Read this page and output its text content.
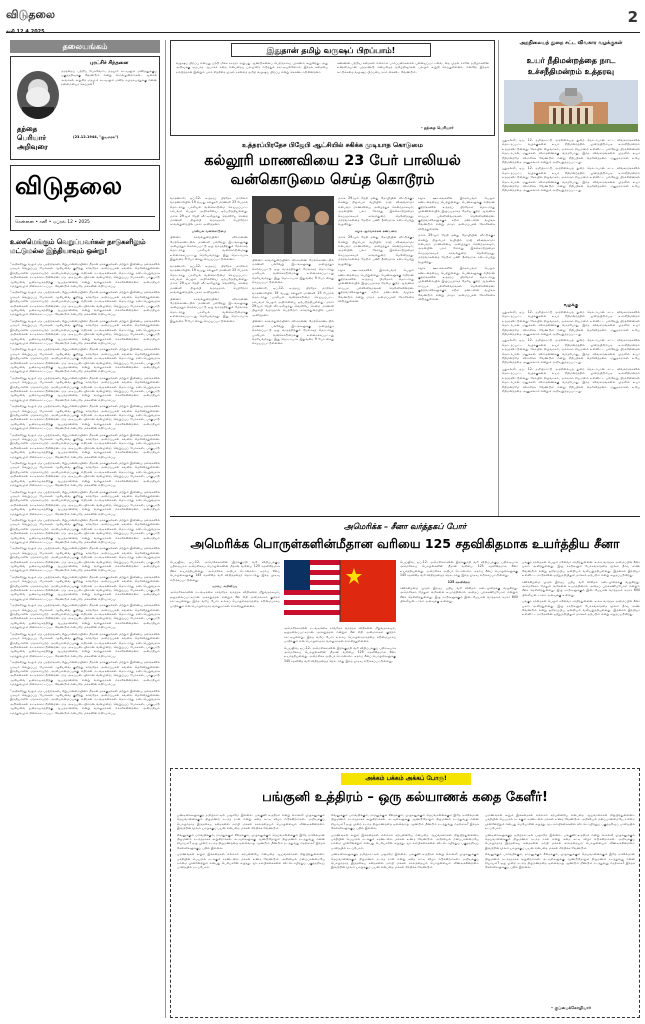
விடுதலை	2
தலையங்கம்
புரட்சிச் சிந்தனை
மதத்தைப் பற்றிப் பேசுவோர், மதமும் கடவுளும் மனிதனுக்குப் பகுத்தறிவுக்கு வேண்டும் என்று சொல்லுகிறார்கள். ஆனால் அவர்கள் கூறுகிற மதமும் கடவுளும் மனித சமுதாயத்துக்கு என்ன நன்மையைச் செய்தன?
(23.12.1944, "குடிஅரசு")
தந்தை பெரியார் அறிவுரை
விடுதலை
சென்னை • சனி • ஏப்ரல் 12 • 2025
உலகமெங்கும் வெறுப்பவர்கள் நாடுகளிலும் மட்டுமல்ல இந்தியாவும் ஒன்று!

"அதிகரித்து வரும் மத பதற்றங்கள், சிறுபான்மையினர் மீதான தாக்குதல்கள் மற்றும் இணைய தளங்களில் பரவும் வெறுப்புப் பேச்சுகள் ஆகியவை குறித்து சர்வதேச அமைப்புகள் கவலை தெரிவித்துள்ளன. இந்தியாவில் மதச்சார்பற்ற அரசியலமைப்புக்கு எதிரான நடவடிக்கைகள் தொடர்ந்து நடைபெறுவதாக அறிக்கைகள் சுட்டிக்காட்டுகின்றன. மத அடிப்படையிலான வன்முறை, வெறுப்புப் பேச்சுகள், பாகுபாடு ஆகியவை ஜனநாயகத்திற்கு ஆபத்தானவை என்று வல்லுநர்கள் எச்சரிக்கின்றனர். அமைதியும் சமத்துவமும் நிலைநாட்டப்பட வேண்டும் என்பதே மக்களின் எதிர்பார்ப்பு.

"அதிகரித்து வரும் மத பதற்றங்கள், சிறுபான்மையினர் மீதான தாக்குதல்கள் மற்றும் இணைய தளங்களில் பரவும் வெறுப்புப் பேச்சுகள் ஆகியவை குறித்து சர்வதேச அமைப்புகள் கவலை தெரிவித்துள்ளன. இந்தியாவில் மதச்சார்பற்ற அரசியலமைப்புக்கு எதிரான நடவடிக்கைகள் தொடர்ந்து நடைபெறுவதாக அறிக்கைகள் சுட்டிக்காட்டுகின்றன. மத அடிப்படையிலான வன்முறை, வெறுப்புப் பேச்சுகள், பாகுபாடு ஆகியவை ஜனநாயகத்திற்கு ஆபத்தானவை என்று வல்லுநர்கள் எச்சரிக்கின்றனர். அமைதியும் சமத்துவமும் நிலைநாட்டப்பட வேண்டும் என்பதே மக்களின் எதிர்பார்ப்பு.

"அதிகரித்து வரும் மத பதற்றங்கள், சிறுபான்மையினர் மீதான தாக்குதல்கள் மற்றும் இணைய தளங்களில் பரவும் வெறுப்புப் பேச்சுகள் ஆகியவை குறித்து சர்வதேச அமைப்புகள் கவலை தெரிவித்துள்ளன. இந்தியாவில் மதச்சார்பற்ற அரசியலமைப்புக்கு எதிரான நடவடிக்கைகள் தொடர்ந்து நடைபெறுவதாக அறிக்கைகள் சுட்டிக்காட்டுகின்றன. மத அடிப்படையிலான வன்முறை, வெறுப்புப் பேச்சுகள், பாகுபாடு ஆகியவை ஜனநாயகத்திற்கு ஆபத்தானவை என்று வல்லுநர்கள் எச்சரிக்கின்றனர். அமைதியும் சமத்துவமும் நிலைநாட்டப்பட வேண்டும் என்பதே மக்களின் எதிர்பார்ப்பு.

"அதிகரித்து வரும் மத பதற்றங்கள், சிறுபான்மையினர் மீதான தாக்குதல்கள் மற்றும் இணைய தளங்களில் பரவும் வெறுப்புப் பேச்சுகள் ஆகியவை குறித்து சர்வதேச அமைப்புகள் கவலை தெரிவித்துள்ளன. இந்தியாவில் மதச்சார்பற்ற அரசியலமைப்புக்கு எதிரான நடவடிக்கைகள் தொடர்ந்து நடைபெறுவதாக அறிக்கைகள் சுட்டிக்காட்டுகின்றன. மத அடிப்படையிலான வன்முறை, வெறுப்புப் பேச்சுகள், பாகுபாடு ஆகியவை ஜனநாயகத்திற்கு ஆபத்தானவை என்று வல்லுநர்கள் எச்சரிக்கின்றனர். அமைதியும் சமத்துவமும் நிலைநாட்டப்பட வேண்டும் என்பதே மக்களின் எதிர்பார்ப்பு.

"அதிகரித்து வரும் மத பதற்றங்கள், சிறுபான்மையினர் மீதான தாக்குதல்கள் மற்றும் இணைய தளங்களில் பரவும் வெறுப்புப் பேச்சுகள் ஆகியவை குறித்து சர்வதேச அமைப்புகள் கவலை தெரிவித்துள்ளன. இந்தியாவில் மதச்சார்பற்ற அரசியலமைப்புக்கு எதிரான நடவடிக்கைகள் தொடர்ந்து நடைபெறுவதாக அறிக்கைகள் சுட்டிக்காட்டுகின்றன. மத அடிப்படையிலான வன்முறை, வெறுப்புப் பேச்சுகள், பாகுபாடு ஆகியவை ஜனநாயகத்திற்கு ஆபத்தானவை என்று வல்லுநர்கள் எச்சரிக்கின்றனர். அமைதியும் சமத்துவமும் நிலைநாட்டப்பட வேண்டும் என்பதே மக்களின் எதிர்பார்ப்பு.

"அதிகரித்து வரும் மத பதற்றங்கள், சிறுபான்மையினர் மீதான தாக்குதல்கள் மற்றும் இணைய தளங்களில் பரவும் வெறுப்புப் பேச்சுகள் ஆகியவை குறித்து சர்வதேச அமைப்புகள் கவலை தெரிவித்துள்ளன. இந்தியாவில் மதச்சார்பற்ற அரசியலமைப்புக்கு எதிரான நடவடிக்கைகள் தொடர்ந்து நடைபெறுவதாக அறிக்கைகள் சுட்டிக்காட்டுகின்றன. மத அடிப்படையிலான வன்முறை, வெறுப்புப் பேச்சுகள், பாகுபாடு ஆகியவை ஜனநாயகத்திற்கு ஆபத்தானவை என்று வல்லுநர்கள் எச்சரிக்கின்றனர். அமைதியும் சமத்துவமும் நிலைநாட்டப்பட வேண்டும் என்பதே மக்களின் எதிர்பார்ப்பு.

"அதிகரித்து வரும் மத பதற்றங்கள், சிறுபான்மையினர் மீதான தாக்குதல்கள் மற்றும் இணைய தளங்களில் பரவும் வெறுப்புப் பேச்சுகள் ஆகியவை குறித்து சர்வதேச அமைப்புகள் கவலை தெரிவித்துள்ளன. இந்தியாவில் மதச்சார்பற்ற அரசியலமைப்புக்கு எதிரான நடவடிக்கைகள் தொடர்ந்து நடைபெறுவதாக அறிக்கைகள் சுட்டிக்காட்டுகின்றன. மத அடிப்படையிலான வன்முறை, வெறுப்புப் பேச்சுகள், பாகுபாடு ஆகியவை ஜனநாயகத்திற்கு ஆபத்தானவை என்று வல்லுநர்கள் எச்சரிக்கின்றனர். அமைதியும் சமத்துவமும் நிலைநாட்டப்பட வேண்டும் என்பதே மக்களின் எதிர்பார்ப்பு.

"அதிகரித்து வரும் மத பதற்றங்கள், சிறுபான்மையினர் மீதான தாக்குதல்கள் மற்றும் இணைய தளங்களில் பரவும் வெறுப்புப் பேச்சுகள் ஆகியவை குறித்து சர்வதேச அமைப்புகள் கவலை தெரிவித்துள்ளன. இந்தியாவில் மதச்சார்பற்ற அரசியலமைப்புக்கு எதிரான நடவடிக்கைகள் தொடர்ந்து நடைபெறுவதாக அறிக்கைகள் சுட்டிக்காட்டுகின்றன. மத அடிப்படையிலான வன்முறை, வெறுப்புப் பேச்சுகள், பாகுபாடு ஆகியவை ஜனநாயகத்திற்கு ஆபத்தானவை என்று வல்லுநர்கள் எச்சரிக்கின்றனர். அமைதியும் சமத்துவமும் நிலைநாட்டப்பட வேண்டும் என்பதே மக்களின் எதிர்பார்ப்பு.

"அதிகரித்து வரும் மத பதற்றங்கள், சிறுபான்மையினர் மீதான தாக்குதல்கள் மற்றும் இணைய தளங்களில் பரவும் வெறுப்புப் பேச்சுகள் ஆகியவை குறித்து சர்வதேச அமைப்புகள் கவலை தெரிவித்துள்ளன. இந்தியாவில் மதச்சார்பற்ற அரசியலமைப்புக்கு எதிரான நடவடிக்கைகள் தொடர்ந்து நடைபெறுவதாக அறிக்கைகள் சுட்டிக்காட்டுகின்றன. மத அடிப்படையிலான வன்முறை, வெறுப்புப் பேச்சுகள், பாகுபாடு ஆகியவை ஜனநாயகத்திற்கு ஆபத்தானவை என்று வல்லுநர்கள் எச்சரிக்கின்றனர். அமைதியும் சமத்துவமும் நிலைநாட்டப்பட வேண்டும் என்பதே மக்களின் எதிர்பார்ப்பு.

"அதிகரித்து வரும் மத பதற்றங்கள், சிறுபான்மையினர் மீதான தாக்குதல்கள் மற்றும் இணைய தளங்களில் பரவும் வெறுப்புப் பேச்சுகள் ஆகியவை குறித்து சர்வதேச அமைப்புகள் கவலை தெரிவித்துள்ளன. இந்தியாவில் மதச்சார்பற்ற அரசியலமைப்புக்கு எதிரான நடவடிக்கைகள் தொடர்ந்து நடைபெறுவதாக அறிக்கைகள் சுட்டிக்காட்டுகின்றன. மத அடிப்படையிலான வன்முறை, வெறுப்புப் பேச்சுகள், பாகுபாடு ஆகியவை ஜனநாயகத்திற்கு ஆபத்தானவை என்று வல்லுநர்கள் எச்சரிக்கின்றனர். அமைதியும் சமத்துவமும் நிலைநாட்டப்பட வேண்டும் என்பதே மக்களின் எதிர்பார்ப்பு.

"அதிகரித்து வரும் மத பதற்றங்கள், சிறுபான்மையினர் மீதான தாக்குதல்கள் மற்றும் இணைய தளங்களில் பரவும் வெறுப்புப் பேச்சுகள் ஆகியவை குறித்து சர்வதேச அமைப்புகள் கவலை தெரிவித்துள்ளன. இந்தியாவில் மதச்சார்பற்ற அரசியலமைப்புக்கு எதிரான நடவடிக்கைகள் தொடர்ந்து நடைபெறுவதாக அறிக்கைகள் சுட்டிக்காட்டுகின்றன. மத அடிப்படையிலான வன்முறை, வெறுப்புப் பேச்சுகள், பாகுபாடு ஆகியவை ஜனநாயகத்திற்கு ஆபத்தானவை என்று வல்லுநர்கள் எச்சரிக்கின்றனர். அமைதியும் சமத்துவமும் நிலைநாட்டப்பட வேண்டும் என்பதே மக்களின் எதிர்பார்ப்பு.

"அதிகரித்து வரும் மத பதற்றங்கள், சிறுபான்மையினர் மீதான தாக்குதல்கள் மற்றும் இணைய தளங்களில் பரவும் வெறுப்புப் பேச்சுகள் ஆகியவை குறித்து சர்வதேச அமைப்புகள் கவலை தெரிவித்துள்ளன. இந்தியாவில் மதச்சார்பற்ற அரசியலமைப்புக்கு எதிரான நடவடிக்கைகள் தொடர்ந்து நடைபெறுவதாக அறிக்கைகள் சுட்டிக்காட்டுகின்றன. மத அடிப்படையிலான வன்முறை, வெறுப்புப் பேச்சுகள், பாகுபாடு ஆகியவை ஜனநாயகத்திற்கு ஆபத்தானவை என்று வல்லுநர்கள் எச்சரிக்கின்றனர். அமைதியும் சமத்துவமும் நிலைநாட்டப்பட வேண்டும் என்பதே மக்களின் எதிர்பார்ப்பு.

"அதிகரித்து வரும் மத பதற்றங்கள், சிறுபான்மையினர் மீதான தாக்குதல்கள் மற்றும் இணைய தளங்களில் பரவும் வெறுப்புப் பேச்சுகள் ஆகியவை குறித்து சர்வதேச அமைப்புகள் கவலை தெரிவித்துள்ளன. இந்தியாவில் மதச்சார்பற்ற அரசியலமைப்புக்கு எதிரான நடவடிக்கைகள் தொடர்ந்து நடைபெறுவதாக அறிக்கைகள் சுட்டிக்காட்டுகின்றன. மத அடிப்படையிலான வன்முறை, வெறுப்புப் பேச்சுகள், பாகுபாடு ஆகியவை ஜனநாயகத்திற்கு ஆபத்தானவை என்று வல்லுநர்கள் எச்சரிக்கின்றனர். அமைதியும் சமத்துவமும் நிலைநாட்டப்பட வேண்டும் என்பதே மக்களின் எதிர்பார்ப்பு.

"அதிகரித்து வரும் மத பதற்றங்கள், சிறுபான்மையினர் மீதான தாக்குதல்கள் மற்றும் இணைய தளங்களில் பரவும் வெறுப்புப் பேச்சுகள் ஆகியவை குறித்து சர்வதேச அமைப்புகள் கவலை தெரிவித்துள்ளன. இந்தியாவில் மதச்சார்பற்ற அரசியலமைப்புக்கு எதிரான நடவடிக்கைகள் தொடர்ந்து நடைபெறுவதாக அறிக்கைகள் சுட்டிக்காட்டுகின்றன. மத அடிப்படையிலான வன்முறை, வெறுப்புப் பேச்சுகள், பாகுபாடு ஆகியவை ஜனநாயகத்திற்கு ஆபத்தானவை என்று வல்லுநர்கள் எச்சரிக்கின்றனர். அமைதியும் சமத்துவமும் நிலைநாட்டப்பட வேண்டும் என்பதே மக்களின் எதிர்பார்ப்பு.

"அதிகரித்து வரும் மத பதற்றங்கள், சிறுபான்மையினர் மீதான தாக்குதல்கள் மற்றும் இணைய தளங்களில் பரவும் வெறுப்புப் பேச்சுகள் ஆகியவை குறித்து சர்வதேச அமைப்புகள் கவலை தெரிவித்துள்ளன. இந்தியாவில் மதச்சார்பற்ற அரசியலமைப்புக்கு எதிரான நடவடிக்கைகள் தொடர்ந்து நடைபெறுவதாக அறிக்கைகள் சுட்டிக்காட்டுகின்றன. மத அடிப்படையிலான வன்முறை, வெறுப்புப் பேச்சுகள், பாகுபாடு ஆகியவை ஜனநாயகத்திற்கு ஆபத்தானவை என்று வல்லுநர்கள் எச்சரிக்கின்றனர். அமைதியும் சமத்துவமும் நிலைநாட்டப்பட வேண்டும் என்பதே மக்களின் எதிர்பார்ப்பு.

"அதிகரித்து வரும் மத பதற்றங்கள், சிறுபான்மையினர் மீதான தாக்குதல்கள் மற்றும் இணைய தளங்களில் பரவும் வெறுப்புப் பேச்சுகள் ஆகியவை குறித்து சர்வதேச அமைப்புகள் கவலை தெரிவித்துள்ளன. இந்தியாவில் மதச்சார்பற்ற அரசியலமைப்புக்கு எதிரான நடவடிக்கைகள் தொடர்ந்து நடைபெறுவதாக அறிக்கைகள் சுட்டிக்காட்டுகின்றன. மத அடிப்படையிலான வன்முறை, வெறுப்புப் பேச்சுகள், பாகுபாடு ஆகியவை ஜனநாயகத்திற்கு ஆபத்தானவை என்று வல்லுநர்கள் எச்சரிக்கின்றனர். அமைதியும் சமத்துவமும் நிலைநாட்டப்பட வேண்டும் என்பதே மக்களின் எதிர்பார்ப்பு.

இதுதான் தமிழ் வருஷப் பிறப்பாம்!
வருஷப் பிறப்பு என்பது பற்றி மிக்க நாரதர் அறுபது ஆண்டுகளைப் பெற்றதாகப் புராணம் கூறுகிறது. அது அறிவுக்கு ஒப்பாத ஆபாசக் கதை என்பதைப் பலமுறை எடுத்துக் காட்டியுள்ளோம். இந்தக் கதையை நம்பித்தான் இன்றும் பலர் சித்திரை முதல் நாளைத் தமிழ் வருஷப் பிறப்பு என்று கொண்டாடுகின்றனர்.
கண்ணன் பற்றிய கதைகள் எல்லாம் பார்ப்பனர்களால் புனையப்பட்டவை. தை முதல் நாளே தமிழர்களின் உண்மையான புத்தாண்டு என்பதைத் தமிழறிஞர்கள் பலரும் உறுதி செய்துள்ளனர். எனவே இந்தக் கட்டுக்கதை வருஷப் பிறப்பை நாம் கைவிட வேண்டும்.
- தந்தை பெரியார்
அறநிலையத் துறை சட்ட விவகார வழக்குகள்
உயர் நீதிமன்றத்தை நாட உச்சநீதிமன்றம் உத்தரவு

புதுடில்லி, ஏப். 12- தமிழ்நாட்டு அறநிலையத் துறை தொடர்பான சட்ட விவகாரங்களில் தொடரப்பட்ட வழக்குகளை உயர் நீதிமன்றத்தில் முறையிடும்படி உச்சநீதிமன்றம் உத்தரவிட்டுள்ளது. கோயில் நிருவாகம், அர்ச்சகர் நியமனம் உள்ளிட்ட பல்வேறு பிரச்சினைகள் தொடர்பான மனுக்கள் விசாரணைக்கு வந்தபோது, இந்த விவகாரங்களை முதலில் உயர் நீதிமன்றமே விசாரிக்க வேண்டும் என்று நீதிபதிகள் தெரிவித்தனர். மனுதாரர்கள் உரிய நீதிமன்றத்தை அணுகலாம் என்றும் அறிவுறுத்தப்பட்டது.

புதுடில்லி, ஏப். 12- தமிழ்நாட்டு அறநிலையத் துறை தொடர்பான சட்ட விவகாரங்களில் தொடரப்பட்ட வழக்குகளை உயர் நீதிமன்றத்தில் முறையிடும்படி உச்சநீதிமன்றம் உத்தரவிட்டுள்ளது. கோயில் நிருவாகம், அர்ச்சகர் நியமனம் உள்ளிட்ட பல்வேறு பிரச்சினைகள் தொடர்பான மனுக்கள் விசாரணைக்கு வந்தபோது, இந்த விவகாரங்களை முதலில் உயர் நீதிமன்றமே விசாரிக்க வேண்டும் என்று நீதிபதிகள் தெரிவித்தனர். மனுதாரர்கள் உரிய நீதிமன்றத்தை அணுகலாம் என்றும் அறிவுறுத்தப்பட்டது.

வழக்கு

புதுடில்லி, ஏப். 12- தமிழ்நாட்டு அறநிலையத் துறை தொடர்பான சட்ட விவகாரங்களில் தொடரப்பட்ட வழக்குகளை உயர் நீதிமன்றத்தில் முறையிடும்படி உச்சநீதிமன்றம் உத்தரவிட்டுள்ளது. கோயில் நிருவாகம், அர்ச்சகர் நியமனம் உள்ளிட்ட பல்வேறு பிரச்சினைகள் தொடர்பான மனுக்கள் விசாரணைக்கு வந்தபோது, இந்த விவகாரங்களை முதலில் உயர் நீதிமன்றமே விசாரிக்க வேண்டும் என்று நீதிபதிகள் தெரிவித்தனர். மனுதாரர்கள் உரிய நீதிமன்றத்தை அணுகலாம் என்றும் அறிவுறுத்தப்பட்டது.

புதுடில்லி, ஏப். 12- தமிழ்நாட்டு அறநிலையத் துறை தொடர்பான சட்ட விவகாரங்களில் தொடரப்பட்ட வழக்குகளை உயர் நீதிமன்றத்தில் முறையிடும்படி உச்சநீதிமன்றம் உத்தரவிட்டுள்ளது. கோயில் நிருவாகம், அர்ச்சகர் நியமனம் உள்ளிட்ட பல்வேறு பிரச்சினைகள் தொடர்பான மனுக்கள் விசாரணைக்கு வந்தபோது, இந்த விவகாரங்களை முதலில் உயர் நீதிமன்றமே விசாரிக்க வேண்டும் என்று நீதிபதிகள் தெரிவித்தனர். மனுதாரர்கள் உரிய நீதிமன்றத்தை அணுகலாம் என்றும் அறிவுறுத்தப்பட்டது.

புதுடில்லி, ஏப். 12- தமிழ்நாட்டு அறநிலையத் துறை தொடர்பான சட்ட விவகாரங்களில் தொடரப்பட்ட வழக்குகளை உயர் நீதிமன்றத்தில் முறையிடும்படி உச்சநீதிமன்றம் உத்தரவிட்டுள்ளது. கோயில் நிருவாகம், அர்ச்சகர் நியமனம் உள்ளிட்ட பல்வேறு பிரச்சினைகள் தொடர்பான மனுக்கள் விசாரணைக்கு வந்தபோது, இந்த விவகாரங்களை முதலில் உயர் நீதிமன்றமே விசாரிக்க வேண்டும் என்று நீதிபதிகள் தெரிவித்தனர். மனுதாரர்கள் உரிய நீதிமன்றத்தை அணுகலாம் என்றும் அறிவுறுத்தப்பட்டது.

உத்தரப்பிரதேச பிஜேபி ஆட்சியில் சகிக்க முடியாத கொடுமை
கல்லூரி மாணவியை 23 பேர் பாலியல்
வன்கொடுமை செய்த கொடூரம்

வாரணாசி, ஏப்.12- உத்தரப் பிரதேச மாநிலம் வாரணாசியில் 19 வயது கல்லூரி மாணவி 23 பேரால் தொடர்ந்து பாலியல் வன்கொடுமை செய்யப்பட்ட சம்பவம் பெரும் அதிர்ச்சியை ஏற்படுத்தியுள்ளது. மார்ச் 29ஆம் தேதி வீட்டிலிருந்து வெளியே சென்ற மாணவி திரும்பி வராததால் பெற்றோர் காவல்துறையில் புகார் அளித்தனர்.

பாலியல் வன்கொடுமை

பின்னர் காவல்துறையினர் விசாரணை மேற்கொண்டதில் மாணவி பல்வேறு இடங்களுக்கு அழைத்துச் செல்லப்பட்டு ஒரு வாரத்திற்கும் மேலாகத் தொடர்ந்து பாலியல் வன்கொடுமைக்கு உள்ளாக்கப்பட்டது தெரியவந்தது. இது தொடர்பாக இதுவரை 9 பேர் கைது செய்யப்பட்டுள்ளனர்.

வாரணாசி, ஏப்.12- உத்தரப் பிரதேச மாநிலம் வாரணாசியில் 19 வயது கல்லூரி மாணவி 23 பேரால் தொடர்ந்து பாலியல் வன்கொடுமை செய்யப்பட்ட சம்பவம் பெரும் அதிர்ச்சியை ஏற்படுத்தியுள்ளது. மார்ச் 29ஆம் தேதி வீட்டிலிருந்து வெளியே சென்ற மாணவி திரும்பி வராததால் பெற்றோர் காவல்துறையில் புகார் அளித்தனர்.

பின்னர் காவல்துறையினர் விசாரணை மேற்கொண்டதில் மாணவி பல்வேறு இடங்களுக்கு அழைத்துச் செல்லப்பட்டு ஒரு வாரத்திற்கும் மேலாகத் தொடர்ந்து பாலியல் வன்கொடுமைக்கு உள்ளாக்கப்பட்டது தெரியவந்தது. இது தொடர்பாக இதுவரை 9 பேர் கைது செய்யப்பட்டுள்ளனர்.

பின்னர் காவல்துறையினர் விசாரணை மேற்கொண்டதில் மாணவி பல்வேறு இடங்களுக்கு அழைத்துச் செல்லப்பட்டு ஒரு வாரத்திற்கும் மேலாகத் தொடர்ந்து பாலியல் வன்கொடுமைக்கு உள்ளாக்கப்பட்டது தெரியவந்தது. இது தொடர்பாக இதுவரை 9 பேர் கைது செய்யப்பட்டுள்ளனர்.

வாரணாசி, ஏப்.12- உத்தரப் பிரதேச மாநிலம் வாரணாசியில் 19 வயது கல்லூரி மாணவி 23 பேரால் தொடர்ந்து பாலியல் வன்கொடுமை செய்யப்பட்ட சம்பவம் பெரும் அதிர்ச்சியை ஏற்படுத்தியுள்ளது. மார்ச் 29ஆம் தேதி வீட்டிலிருந்து வெளியே சென்ற மாணவி திரும்பி வராததால் பெற்றோர் காவல்துறையில் புகார் அளித்தனர்.

பின்னர் காவல்துறையினர் விசாரணை மேற்கொண்டதில் மாணவி பல்வேறு இடங்களுக்கு அழைத்துச் செல்லப்பட்டு ஒரு வாரத்திற்கும் மேலாகத் தொடர்ந்து பாலியல் வன்கொடுமைக்கு உள்ளாக்கப்பட்டது தெரியவந்தது. இது தொடர்பாக இதுவரை 9 பேர் கைது செய்யப்பட்டுள்ளனர்.

மார்ச் 29ஆம் தேதி தனது தோழியின் வீட்டுக்குச் சென்று திரும்பும் வழியில் ராஜ் விஷ்வகர்மா என்பவர் மாணவியை அழைத்துச் சென்றதாகவும், அதன்பின் பலர் சேர்ந்து இக்கொடூரத்தைச் செய்ததாகவும் காவல்துறை தெரிவித்தது. மற்றவர்களைத் தேடும் பணி தீவிரமாக நடைபெற்று வருகிறது.

சமூக ஆர்வலர்கள் கண்டனம்

மார்ச் 29ஆம் தேதி தனது தோழியின் வீட்டுக்குச் சென்று திரும்பும் வழியில் ராஜ் விஷ்வகர்மா என்பவர் மாணவியை அழைத்துச் சென்றதாகவும், அதன்பின் பலர் சேர்ந்து இக்கொடூரத்தைச் செய்ததாகவும் காவல்துறை தெரிவித்தது. மற்றவர்களைத் தேடும் பணி தீவிரமாக நடைபெற்று வருகிறது.

சமூக ஊடகங்களில் இச்சம்பவம் பெரும் கண்டனத்தைப் பெற்றுள்ளது. பெண்களுக்கு எதிரான குற்றங்களில் உத்தரப் பிரதேசம் தொடர்ந்து முன்னிலையில் இருப்பதாகத் தேசிய குற்ற ஆவணக் காப்பக புள்ளிவிவரங்கள் தெரிவிக்கின்றன. குற்றவாளிகளுக்குக் கடும் தண்டனை வழங்க வேண்டும் என்று மாதர் அமைப்புகள் கோரிக்கை விடுத்துள்ளன.

சமூக ஊடகங்களில் இச்சம்பவம் பெரும் கண்டனத்தைப் பெற்றுள்ளது. பெண்களுக்கு எதிரான குற்றங்களில் உத்தரப் பிரதேசம் தொடர்ந்து முன்னிலையில் இருப்பதாகத் தேசிய குற்ற ஆவணக் காப்பக புள்ளிவிவரங்கள் தெரிவிக்கின்றன. குற்றவாளிகளுக்குக் கடும் தண்டனை வழங்க வேண்டும் என்று மாதர் அமைப்புகள் கோரிக்கை விடுத்துள்ளன.

மார்ச் 29ஆம் தேதி தனது தோழியின் வீட்டுக்குச் சென்று திரும்பும் வழியில் ராஜ் விஷ்வகர்மா என்பவர் மாணவியை அழைத்துச் சென்றதாகவும், அதன்பின் பலர் சேர்ந்து இக்கொடூரத்தைச் செய்ததாகவும் காவல்துறை தெரிவித்தது. மற்றவர்களைத் தேடும் பணி தீவிரமாக நடைபெற்று வருகிறது.

சமூக ஊடகங்களில் இச்சம்பவம் பெரும் கண்டனத்தைப் பெற்றுள்ளது. பெண்களுக்கு எதிரான குற்றங்களில் உத்தரப் பிரதேசம் தொடர்ந்து முன்னிலையில் இருப்பதாகத் தேசிய குற்ற ஆவணக் காப்பக புள்ளிவிவரங்கள் தெரிவிக்கின்றன. குற்றவாளிகளுக்குக் கடும் தண்டனை வழங்க வேண்டும் என்று மாதர் அமைப்புகள் கோரிக்கை விடுத்துள்ளன.

அமெரிக்க – சீனா வர்த்தகப் போர்
அமெரிக்க பொருள்களின்மீதான வரியை 125 சதவிகிதமாக உயர்த்திய சீனா

பெய்ஜிங், ஏப்.12- அமெரிக்காவின் இறக்குமதி வரி விதிப்புக்குப் பதிலடியாக அமெரிக்கப் பொருள்களின் மீதான வரியை 125 சதவிகிதமாக சீனா உயர்த்தியுள்ளது. அமெரிக்க அதிபர் டொனால்ட் டிரம்ப் சீனப் பொருள்களுக்கு 145 சதவிகித வரி விதித்ததைத் தொடர்ந்து இந்த முடிவு எடுக்கப்பட்டுள்ளது.

டிரம்ப் அறிவிப்பு

அமெரிக்காவின் நடவடிக்கை சர்வதேச வர்த்தக விதிகளை மீறுவதாகவும், ஒருதலைப்பட்சமான அச்சுறுத்தல் என்றும் சீன நிதி அமைச்சகம் குற்றம் சாட்டியுள்ளது. இந்த வரிப் போர் உலகப் பொருளாதாரத்தை கடுமையாகப் பாதிக்கும் என பொருளாதார வல்லுநர்கள் எச்சரித்துள்ளனர்.

அமெரிக்காவின் நடவடிக்கை சர்வதேச வர்த்தக விதிகளை மீறுவதாகவும், ஒருதலைப்பட்சமான அச்சுறுத்தல் என்றும் சீன நிதி அமைச்சகம் குற்றம் சாட்டியுள்ளது. இந்த வரிப் போர் உலகப் பொருளாதாரத்தை கடுமையாகப் பாதிக்கும் என பொருளாதார வல்லுநர்கள் எச்சரித்துள்ளனர்.

பெய்ஜிங், ஏப்.12- அமெரிக்காவின் இறக்குமதி வரி விதிப்புக்குப் பதிலடியாக அமெரிக்கப் பொருள்களின் மீதான வரியை 125 சதவிகிதமாக சீனா உயர்த்தியுள்ளது. அமெரிக்க அதிபர் டொனால்ட் டிரம்ப் சீனப் பொருள்களுக்கு 145 சதவிகித வரி விதித்ததைத் தொடர்ந்து இந்த முடிவு எடுக்கப்பட்டுள்ளது.

பெய்ஜிங், ஏப்.12- அமெரிக்காவின் இறக்குமதி வரி விதிப்புக்குப் பதிலடியாக அமெரிக்கப் பொருள்களின் மீதான வரியை 125 சதவிகிதமாக சீனா உயர்த்தியுள்ளது. அமெரிக்க அதிபர் டொனால்ட் டிரம்ப் சீனப் பொருள்களுக்கு 145 சதவிகித வரி விதித்ததைத் தொடர்ந்து இந்த முடிவு எடுக்கப்பட்டுள்ளது.

125 சதவிகிதம்

சனிக்கிழமை முதல் இந்தப் புதிய வரி விகிதம் நடைமுறைக்கு வருகிறது. அமெரிக்கா மேலும் வரிகளை உயர்த்தினால் அதைப் புறக்கணிப்போம் என்றும் சீனா தெரிவித்துள்ளது. இரு நாடுகளுக்கும் இடையேயான வர்த்தகம் சுமார் 600 பில்லியன் டாலர் அளவுக்கு உள்ளது.

பங்குச் சந்தைகள் பெரும் சரிவைச் சந்தித்துள்ளன. உலக வர்த்தக அமைப்பில் சீனா புகார் அளித்துள்ளது. இரு நாடுகளும் பேச்சுவார்த்தை மூலம் தீர்வு காண வேண்டும் என்று ஐரோப்பிய ஒன்றியம் வலியுறுத்தியுள்ளது. இதனால் இந்தியா உள்ளிட்ட நாடுகளின் ஏற்றுமதியிலும் தாக்கம் ஏற்படும் என்று கருதப்படுகிறது.

சனிக்கிழமை முதல் இந்தப் புதிய வரி விகிதம் நடைமுறைக்கு வருகிறது. அமெரிக்கா மேலும் வரிகளை உயர்த்தினால் அதைப் புறக்கணிப்போம் என்றும் சீனா தெரிவித்துள்ளது. இரு நாடுகளுக்கும் இடையேயான வர்த்தகம் சுமார் 600 பில்லியன் டாலர் அளவுக்கு உள்ளது.

பங்குச் சந்தைகள் பெரும் சரிவைச் சந்தித்துள்ளன. உலக வர்த்தக அமைப்பில் சீனா புகார் அளித்துள்ளது. இரு நாடுகளும் பேச்சுவார்த்தை மூலம் தீர்வு காண வேண்டும் என்று ஐரோப்பிய ஒன்றியம் வலியுறுத்தியுள்ளது. இதனால் இந்தியா உள்ளிட்ட நாடுகளின் ஏற்றுமதியிலும் தாக்கம் ஏற்படும் என்று கருதப்படுகிறது.

அக்கம் பக்கம் அக்கப் போரு!
பங்குனி உத்திரம் – ஒரு கல்யாணக் கதை கேளீர்!

பண்டிகைகளுக்குத் தமிழ்நாட்டில் பஞ்சமே இல்லை. பங்குனி உத்திரம் என்று சொல்லி முருகனுக்கும் தெய்வானைக்கும் திருமணம் நடந்த நாள் என்று கதை கட்டி விழா எடுக்கிறார்கள். அறிவுக்குப் பொருந்தாத இத்தகைய கதைகளை நம்பி மக்கள் காலத்தையும் பொருளையும் வீணடிக்கின்றனர். இவற்றின் மூலம் யாருக்குப் பயன் என்பதை மக்கள் சிந்திக்க வேண்டும்.

சிவனுக்கும் பார்வதிக்கும், ராமனுக்கும் சீதைக்கும், முருகனுக்கும் தெய்வானைக்கும் இதே நாளில்தான் திருமணம் நடந்ததாகக் கூறுகிறார்கள். கடவுள்களுக்கு ஆண்டுதோறும் திருமணம் நடத்துவது என்ன நியாயம்? ஒரு முறை நடந்த திருமணத்தை ஒவ்வொரு ஆண்டும் மீண்டும் நடத்துவது எதற்காக? இந்தக் கேள்விகளுக்குப் பதில் இல்லை.

புராணங்கள் கூறும் இக்கதைகள் எல்லாம் கற்பனையே என்பதை ஆய்வாளர்கள் நிரூபித்துள்ளனர். பக்தியின் பெயரால் நடக்கும் சுரண்டலை மக்கள் உணர வேண்டும். அறிவியல் மனப்பான்மையே நம்மை முன்னேற்றும் என்பது பெரியாரின் கருத்து. மூடநம்பிக்கைகளை விட்டொழித்துப் பகுத்தறிவுப் பாதையில் நடப்போம்.

சிவனுக்கும் பார்வதிக்கும், ராமனுக்கும் சீதைக்கும், முருகனுக்கும் தெய்வானைக்கும் இதே நாளில்தான் திருமணம் நடந்ததாகக் கூறுகிறார்கள். கடவுள்களுக்கு ஆண்டுதோறும் திருமணம் நடத்துவது என்ன நியாயம்? ஒரு முறை நடந்த திருமணத்தை ஒவ்வொரு ஆண்டும் மீண்டும் நடத்துவது எதற்காக? இந்தக் கேள்விகளுக்குப் பதில் இல்லை.

புராணங்கள் கூறும் இக்கதைகள் எல்லாம் கற்பனையே என்பதை ஆய்வாளர்கள் நிரூபித்துள்ளனர். பக்தியின் பெயரால் நடக்கும் சுரண்டலை மக்கள் உணர வேண்டும். அறிவியல் மனப்பான்மையே நம்மை முன்னேற்றும் என்பது பெரியாரின் கருத்து. மூடநம்பிக்கைகளை விட்டொழித்துப் பகுத்தறிவுப் பாதையில் நடப்போம்.

பண்டிகைகளுக்குத் தமிழ்நாட்டில் பஞ்சமே இல்லை. பங்குனி உத்திரம் என்று சொல்லி முருகனுக்கும் தெய்வானைக்கும் திருமணம் நடந்த நாள் என்று கதை கட்டி விழா எடுக்கிறார்கள். அறிவுக்குப் பொருந்தாத இத்தகைய கதைகளை நம்பி மக்கள் காலத்தையும் பொருளையும் வீணடிக்கின்றனர். இவற்றின் மூலம் யாருக்குப் பயன் என்பதை மக்கள் சிந்திக்க வேண்டும்.

புராணங்கள் கூறும் இக்கதைகள் எல்லாம் கற்பனையே என்பதை ஆய்வாளர்கள் நிரூபித்துள்ளனர். பக்தியின் பெயரால் நடக்கும் சுரண்டலை மக்கள் உணர வேண்டும். அறிவியல் மனப்பான்மையே நம்மை முன்னேற்றும் என்பது பெரியாரின் கருத்து. மூடநம்பிக்கைகளை விட்டொழித்துப் பகுத்தறிவுப் பாதையில் நடப்போம்.

பண்டிகைகளுக்குத் தமிழ்நாட்டில் பஞ்சமே இல்லை. பங்குனி உத்திரம் என்று சொல்லி முருகனுக்கும் தெய்வானைக்கும் திருமணம் நடந்த நாள் என்று கதை கட்டி விழா எடுக்கிறார்கள். அறிவுக்குப் பொருந்தாத இத்தகைய கதைகளை நம்பி மக்கள் காலத்தையும் பொருளையும் வீணடிக்கின்றனர். இவற்றின் மூலம் யாருக்குப் பயன் என்பதை மக்கள் சிந்திக்க வேண்டும்.

சிவனுக்கும் பார்வதிக்கும், ராமனுக்கும் சீதைக்கும், முருகனுக்கும் தெய்வானைக்கும் இதே நாளில்தான் திருமணம் நடந்ததாகக் கூறுகிறார்கள். கடவுள்களுக்கு ஆண்டுதோறும் திருமணம் நடத்துவது என்ன நியாயம்? ஒரு முறை நடந்த திருமணத்தை ஒவ்வொரு ஆண்டும் மீண்டும் நடத்துவது எதற்காக? இந்தக் கேள்விகளுக்குப் பதில் இல்லை.

– குப்பைக்கோழியார்
